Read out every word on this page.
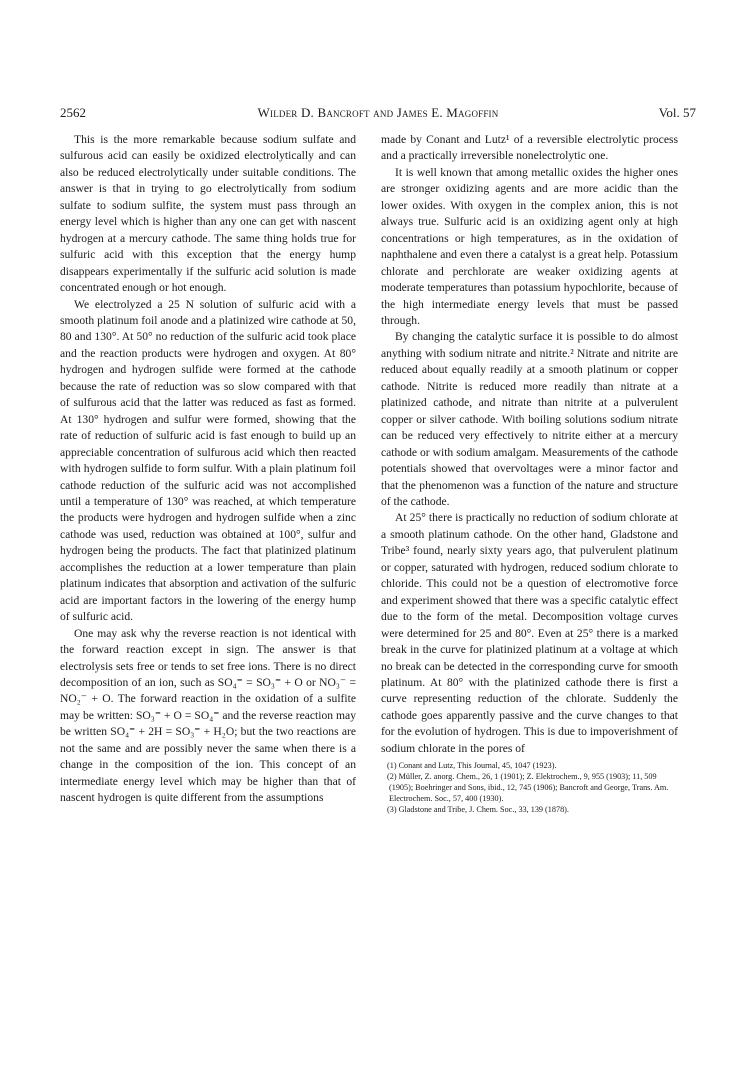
2562	Wilder D. Bancroft and James E. Magoffin	Vol. 57

This is the more remarkable because sodium sulfate and sulfurous acid can easily be oxidized electrolytically and can also be reduced electrolytically under suitable conditions. The answer is that in trying to go electrolytically from sodium sulfate to sodium sulfite, the system must pass through an energy level which is higher than any one can get with nascent hydrogen at a mercury cathode. The same thing holds true for sulfuric acid with this exception that the energy hump disappears experimentally if the sulfuric acid solution is made concentrated enough or hot enough.

We electrolyzed a 25 N solution of sulfuric acid with a smooth platinum foil anode and a platinized wire cathode at 50, 80 and 130°. At 50° no reduction of the sulfuric acid took place and the reaction products were hydrogen and oxygen. At 80° hydrogen and hydrogen sulfide were formed at the cathode because the rate of reduction was so slow compared with that of sulfurous acid that the latter was reduced as fast as formed. At 130° hydrogen and sulfur were formed, showing that the rate of reduction of sulfuric acid is fast enough to build up an appreciable concentration of sulfurous acid which then reacted with hydrogen sulfide to form sulfur. With a plain platinum foil cathode reduction of the sulfuric acid was not accomplished until a temperature of 130° was reached, at which temperature the products were hydrogen and hydrogen sulfide when a zinc cathode was used, reduction was obtained at 100°, sulfur and hydrogen being the products. The fact that platinized platinum accomplishes the reduction at a lower temperature than plain platinum indicates that absorption and activation of the sulfuric acid are important factors in the lowering of the energy hump of sulfuric acid.

One may ask why the reverse reaction is not identical with the forward reaction except in sign. The answer is that electrolysis sets free or tends to set free ions. There is no direct decomposition of an ion, such as SO₄⁼ = SO₃⁼ + O or NO₃⁻ = NO₂⁻ + O. The forward reaction in the oxidation of a sulfite may be written: SO₃⁼ + O = SO₄⁼ and the reverse reaction may be written SO₄⁼ + 2H = SO₃⁼ + H₂O; but the two reactions are not the same and are possibly never the same when there is a change in the composition of the ion. This concept of an intermediate energy level which may be higher than that of nascent hydrogen is quite different from the assumptions

made by Conant and Lutz¹ of a reversible electrolytic process and a practically irreversible nonelectrolytic one.

It is well known that among metallic oxides the higher ones are stronger oxidizing agents and are more acidic than the lower oxides. With oxygen in the complex anion, this is not always true. Sulfuric acid is an oxidizing agent only at high concentrations or high temperatures, as in the oxidation of naphthalene and even there a catalyst is a great help. Potassium chlorate and perchlorate are weaker oxidizing agents at moderate temperatures than potassium hypochlorite, because of the high intermediate energy levels that must be passed through.

By changing the catalytic surface it is possible to do almost anything with sodium nitrate and nitrite.² Nitrate and nitrite are reduced about equally readily at a smooth platinum or copper cathode. Nitrite is reduced more readily than nitrate at a platinized cathode, and nitrate than nitrite at a pulverulent copper or silver cathode. With boiling solutions sodium nitrate can be reduced very effectively to nitrite either at a mercury cathode or with sodium amalgam. Measurements of the cathode potentials showed that overvoltages were a minor factor and that the phenomenon was a function of the nature and structure of the cathode.

At 25° there is practically no reduction of sodium chlorate at a smooth platinum cathode. On the other hand, Gladstone and Tribe³ found, nearly sixty years ago, that pulverulent platinum or copper, saturated with hydrogen, reduced sodium chlorate to chloride. This could not be a question of electromotive force and experiment showed that there was a specific catalytic effect due to the form of the metal. Decomposition voltage curves were determined for 25 and 80°. Even at 25° there is a marked break in the curve for platinized platinum at a voltage at which no break can be detected in the corresponding curve for smooth platinum. At 80° with the platinized cathode there is first a curve representing reduction of the chlorate. Suddenly the cathode goes apparently passive and the curve changes to that for the evolution of hydrogen. This is due to impoverishment of sodium chlorate in the pores of

(1) Conant and Lutz, This Journal, 45, 1047 (1923).
(2) Müller, Z. anorg. Chem., 26, 1 (1901); Z. Elektrochem., 9, 955 (1903); 11, 509 (1905); Boehringer and Sons, ibid., 12, 745 (1906); Bancroft and George, Trans. Am. Electrochem. Soc., 57, 400 (1930).
(3) Gladstone and Tribe, J. Chem. Soc., 33, 139 (1878).
